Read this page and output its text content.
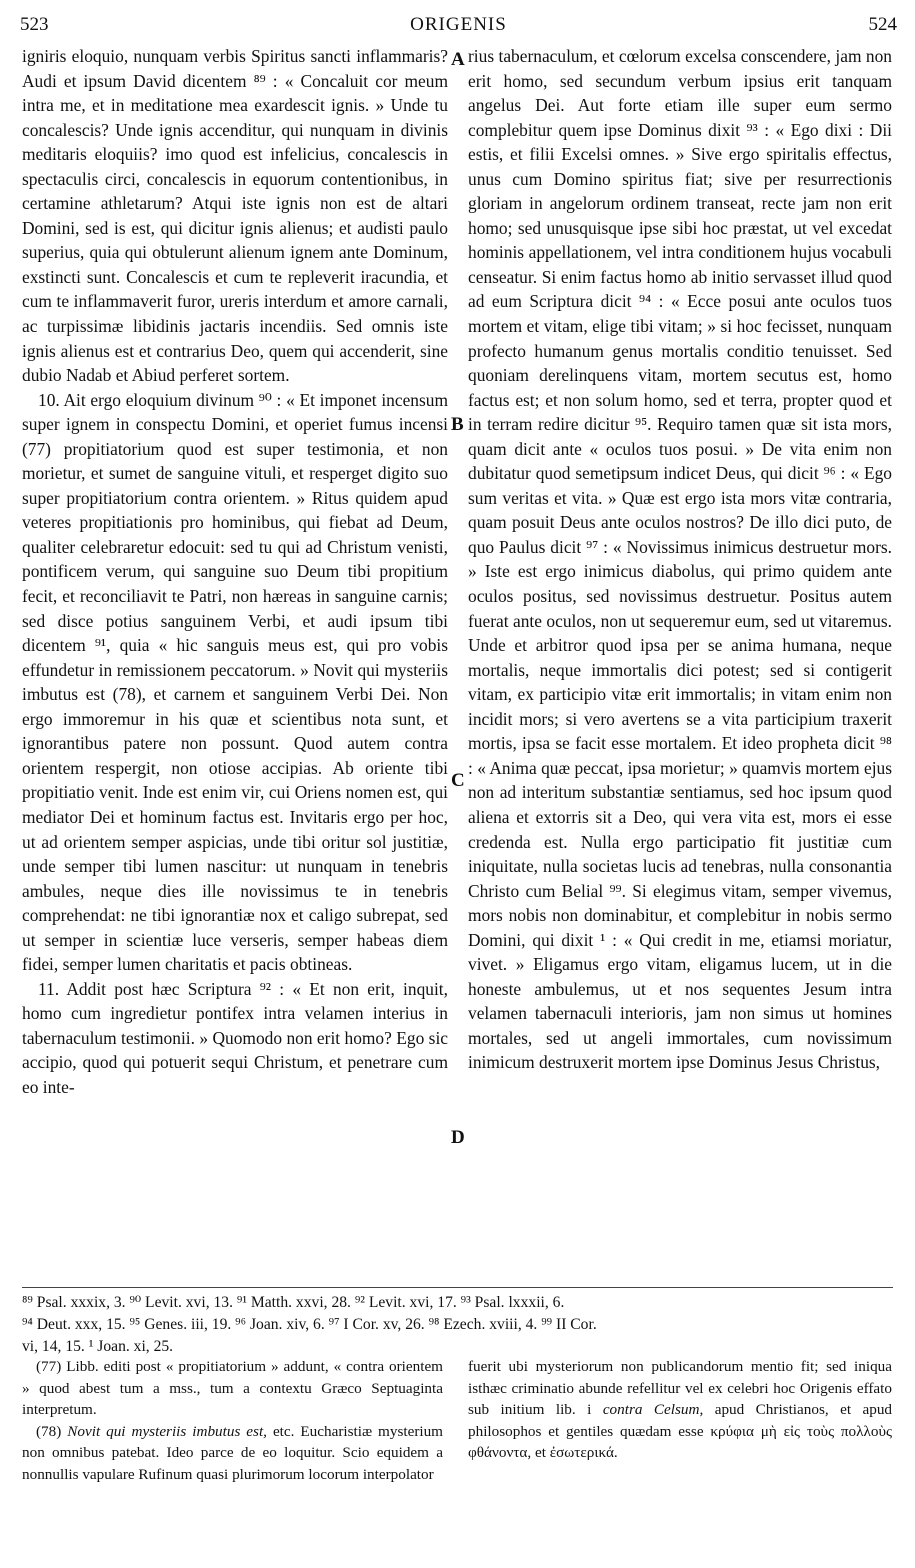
523	ORIGENIS	524

igniris eloquio, nunquam verbis Spiritus sancti inflammaris? Audi et ipsum David dicentem ⁸⁹ : « Concaluit cor meum intra me, et in meditatione mea exardescit ignis. » Unde tu concalescis? Unde ignis accenditur, qui nunquam in divinis meditaris eloquiis? imo quod est infelicius, concalescis in spectaculis circi, concalescis in equorum contentionibus, in certamine athletarum? Atqui iste ignis non est de altari Domini, sed is est, qui dicitur ignis alienus; et audisti paulo superius, quia qui obtulerunt alienum ignem ante Dominum, exstincti sunt. Concalescis et cum te repleverit iracundia, et cum te inflammaverit furor, ureris interdum et amore carnali, ac turpissimæ libidinis jactaris incendiis. Sed omnis iste ignis alienus est et contrarius Deo, quem qui accenderit, sine dubio Nadab et Abiud perferet sortem.

10. Ait ergo eloquium divinum ⁹⁰ : « Et imponet incensum super ignem in conspectu Domini, et operiet fumus incensi (77) propitiatorium quod est super testimonia, et non morietur, et sumet de sanguine vituli, et resperget digito suo super propitiatorium contra orientem. » Ritus quidem apud veteres propitiationis pro hominibus, qui fiebat ad Deum, qualiter celebraretur edocuit: sed tu qui ad Christum venisti, pontificem verum, qui sanguine suo Deum tibi propitium fecit, et reconciliavit te Patri, non hæreas in sanguine carnis; sed disce potius sanguinem Verbi, et audi ipsum tibi dicentem ⁹¹, quia « hic sanguis meus est, qui pro vobis effundetur in remissionem peccatorum. » Novit qui mysteriis imbutus est (78), et carnem et sanguinem Verbi Dei. Non ergo immoremur in his quæ et scientibus nota sunt, et ignorantibus patere non possunt. Quod autem contra orientem respergit, non otiose accipias. Ab oriente tibi propitiatio venit. Inde est enim vir, cui Oriens nomen est, qui mediator Dei et hominum factus est. Invitaris ergo per hoc, ut ad orientem semper aspicias, unde tibi oritur sol justitiæ, unde semper tibi lumen nascitur: ut nunquam in tenebris ambules, neque dies ille novissimus te in tenebris comprehendat: ne tibi ignorantiæ nox et caligo subrepat, sed ut semper in scientiæ luce verseris, semper habeas diem fidei, semper lumen charitatis et pacis obtineas.

11. Addit post hæc Scriptura ⁹² : « Et non erit, inquit, homo cum ingredietur pontifex intra velamen interius in tabernaculum testimonii. » Quomodo non erit homo? Ego sic accipio, quod qui potuerit sequi Christum, et penetrare cum eo inte-

rius tabernaculum, et cœlorum excelsa conscendere, jam non erit homo, sed secundum verbum ipsius erit tanquam angelus Dei. Aut forte etiam ille super eum sermo complebitur quem ipse Dominus dixit ⁹³ : « Ego dixi : Dii estis, et filii Excelsi omnes. » Sive ergo spiritalis effectus, unus cum Domino spiritus fiat; sive per resurrectionis gloriam in angelorum ordinem transeat, recte jam non erit homo; sed unusquisque ipse sibi hoc præstat, ut vel excedat hominis appellationem, vel intra conditionem hujus vocabuli censeatur. Si enim factus homo ab initio servasset illud quod ad eum Scriptura dicit ⁹⁴ : « Ecce posui ante oculos tuos mortem et vitam, elige tibi vitam; » si hoc fecisset, nunquam profecto humanum genus mortalis conditio tenuisset. Sed quoniam derelinquens vitam, mortem secutus est, homo factus est; et non solum homo, sed et terra, propter quod et in terram redire dicitur ⁹⁵. Requiro tamen quæ sit ista mors, quam dicit ante « oculos tuos posui. » De vita enim non dubitatur quod semetipsum indicet Deus, qui dicit ⁹⁶ : « Ego sum veritas et vita. » Quæ est ergo ista mors vitæ contraria, quam posuit Deus ante oculos nostros? De illo dici puto, de quo Paulus dicit ⁹⁷ : « Novissimus inimicus destruetur mors. » Iste est ergo inimicus diabolus, qui primo quidem ante oculos positus, sed novissimus destruetur. Positus autem fuerat ante oculos, non ut sequeremur eum, sed ut vitaremus. Unde et arbitror quod ipsa per se anima humana, neque mortalis, neque immortalis dici potest; sed si contigerit vitam, ex participio vitæ erit immortalis; in vitam enim non incidit mors; si vero avertens se a vita participium traxerit mortis, ipsa se facit esse mortalem. Et ideo propheta dicit ⁹⁸ : « Anima quæ peccat, ipsa morietur; » quamvis mortem ejus non ad interitum substantiæ sentiamus, sed hoc ipsum quod aliena et extorris sit a Deo, qui vera vita est, mors ei esse credenda est. Nulla ergo participatio fit justitiæ cum iniquitate, nulla societas lucis ad tenebras, nulla consonantia Christo cum Belial ⁹⁹. Si elegimus vitam, semper vivemus, mors nobis non dominabitur, et complebitur in nobis sermo Domini, qui dixit ¹ : « Qui credit in me, etiamsi moriatur, vivet. » Eligamus ergo vitam, eligamus lucem, ut in die honeste ambulemus, ut et nos sequentes Jesum intra velamen tabernaculi interioris, jam non simus ut homines mortales, sed ut angeli immortales, cum novissimum inimicum destruxerit mortem ipse Dominus Jesus Christus,

A
B
C
D

⁸⁹ Psal. xxxix, 3. ⁹⁰ Levit. xvi, 13. ⁹¹ Matth. xxvi, 28. ⁹² Levit. xvi, 17. ⁹³ Psal. lxxxii, 6.

⁹⁴ Deut. xxx, 15. ⁹⁵ Genes. iii, 19. ⁹⁶ Joan. xiv, 6. ⁹⁷ I Cor. xv, 26. ⁹⁸ Ezech. xviii, 4. ⁹⁹ II Cor.

vi, 14, 15. ¹ Joan. xi, 25.

(77) Libb. editi post « propitiatorium » addunt, « contra orientem » quod abest tum a mss., tum a contextu Græco Septuaginta interpretum.

(78) Novit qui mysteriis imbutus est, etc. Eucharistiæ mysterium non omnibus patebat. Ideo parce de eo loquitur. Scio equidem a nonnullis vapulare Rufinum quasi plurimorum locorum interpolator

fuerit ubi mysteriorum non publicandorum mentio fit; sed iniqua isthæc criminatio abunde refellitur vel ex celebri hoc Origenis effato sub initium lib. i contra Celsum, apud Christianos, et apud philosophos et gentiles quædam esse κρύφια μὴ εἰς τοὺς πολλοὺς φθάνοντα, et ἐσωτερικά.
